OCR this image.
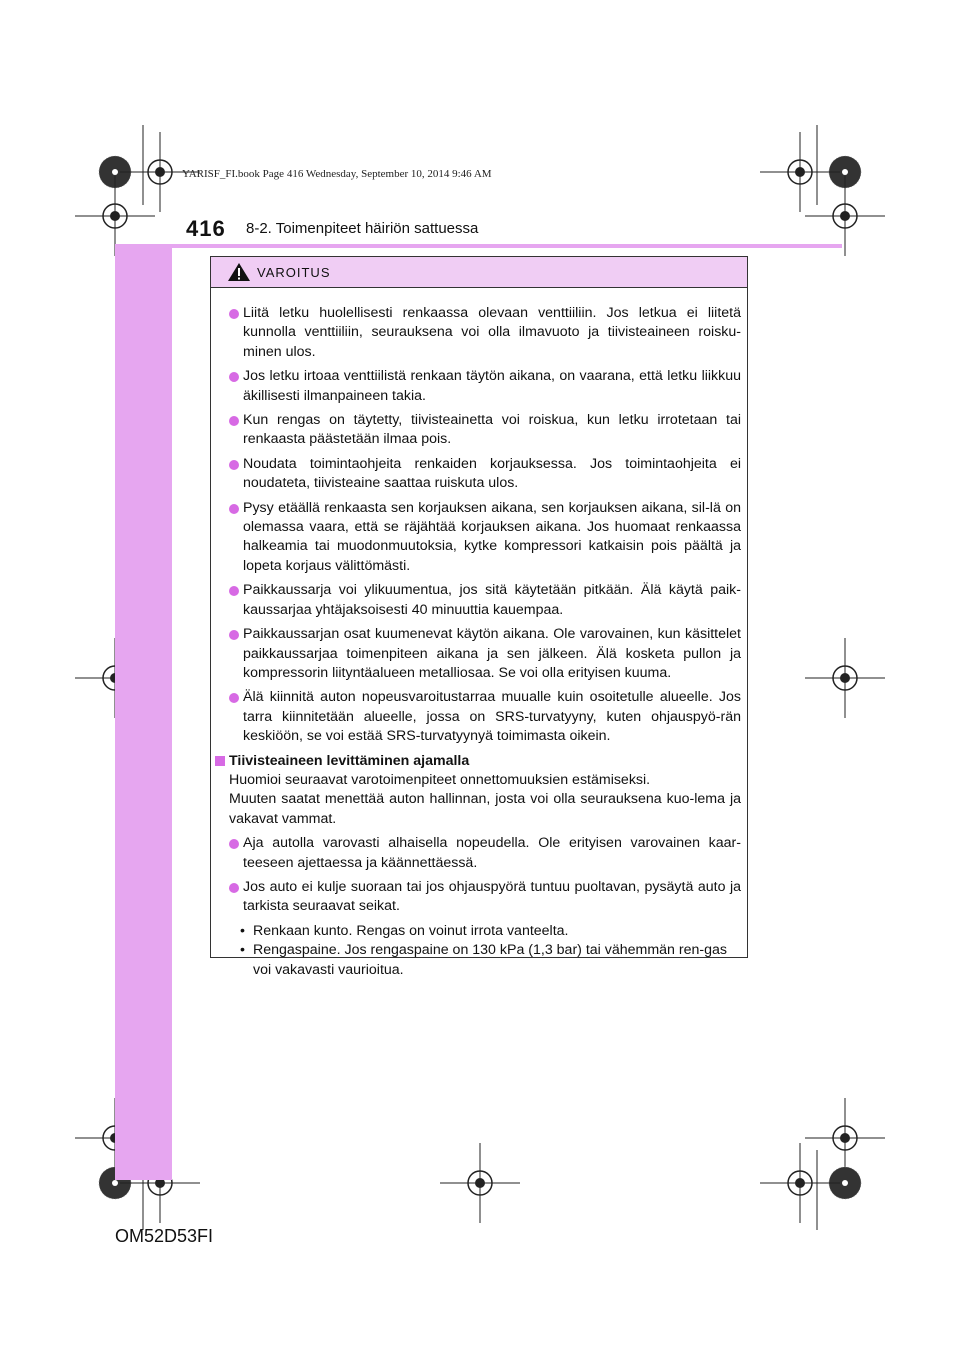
YARISF_FI.book Page 416 Wednesday, September 10, 2014 9:46 AM
416 8-2. Toimenpiteet häiriön sattuessa
VAROITUS
Liitä letku huolellisesti renkaassa olevaan venttiiliin. Jos letkua ei liitetä kunnolla venttiiliin, seurauksena voi olla ilmavuoto ja tiivisteaineen roisku-minen ulos.
Jos letku irtoaa venttiilistä renkaan täytön aikana, on vaarana, että letku liikkuu äkillisesti ilmanpaineen takia.
Kun rengas on täytetty, tiivisteainetta voi roiskua, kun letku irrotetaan tai renkaasta päästetään ilmaa pois.
Noudata toimintaohjeita renkaiden korjauksessa. Jos toimintaohjeita ei noudateta, tiivisteaine saattaa ruiskuta ulos.
Pysy etäällä renkaasta sen korjauksen aikana, sen korjauksen aikana, sil-lä on olemassa vaara, että se räjähtää korjauksen aikana. Jos huomaat renkaassa halkeamia tai muodonmuutoksia, kytke kompressori katkaisin pois päältä ja lopeta korjaus välittömästi.
Paikkaussarja voi ylikuumentua, jos sitä käytetään pitkään. Älä käytä paik-kaussarjaa yhtäjaksoisesti 40 minuuttia kauempaa.
Paikkaussarjan osat kuumenevat käytön aikana. Ole varovainen, kun käsittelet paikkaussarjaa toimenpiteen aikana ja sen jälkeen. Älä kosketa pullon ja kompressorin liityntäalueen metalliosaa. Se voi olla erityisen kuuma.
Älä kiinnitä auton nopeusvaroitustarraa muualle kuin osoitetulle alueelle. Jos tarra kiinnitetään alueelle, jossa on SRS-turvatyyny, kuten ohjauspyö-rän keskiöön, se voi estää SRS-turvatyynyä toimimasta oikein.
Tiivisteaineen levittäminen ajamalla
Huomioi seuraavat varotoimenpiteet onnettomuuksien estämiseksi.
Muuten saatat menettää auton hallinnan, josta voi olla seurauksena kuo-lema ja vakavat vammat.
Aja autolla varovasti alhaisella nopeudella. Ole erityisen varovainen kaar-teeseen ajettaessa ja käännettäessä.
Jos auto ei kulje suoraan tai jos ohjauspyörä tuntuu puoltavan, pysäytä auto ja tarkista seuraavat seikat.
• Renkaan kunto. Rengas on voinut irrota vanteelta.
• Rengaspaine. Jos rengaspaine on 130 kPa (1,3 bar) tai vähemmän ren-gas voi vakavasti vaurioitua.
OM52D53FI
